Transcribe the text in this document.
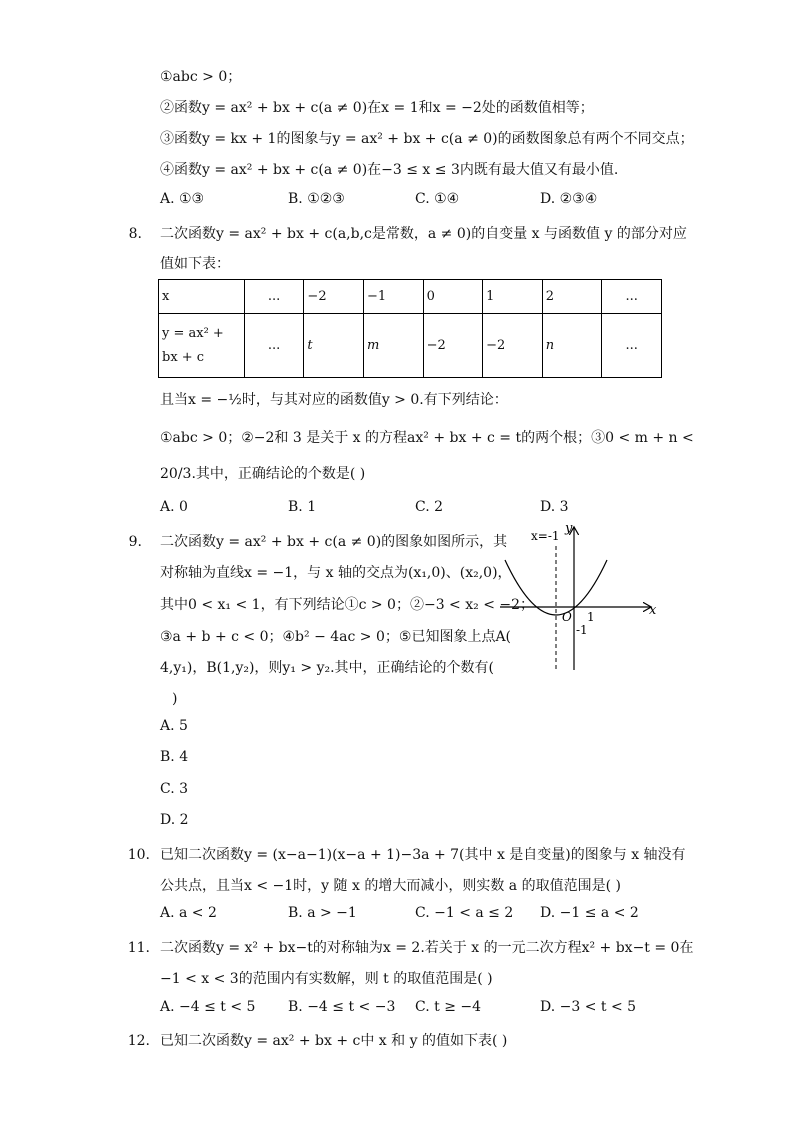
①abc > 0；
②函数y = ax² + bx + c(a ≠ 0)在x = 1和x = −2处的函数值相等；
③函数y = kx + 1的图象与y = ax² + bx + c(a ≠ 0)的函数图象总有两个不同交点；
④函数y = ax² + bx + c(a ≠ 0)在−3 ≤ x ≤ 3内既有最大值又有最小值.
A. ①③	B. ①②③	C. ①④	D. ②③④
8. 二次函数y = ax² + bx + c(a,b,c是常数，a ≠ 0)的自变量 x 与函数值 y 的部分对应
值如下表：
x	...	−2	−1	0	1	2	...
y = ax² + bx + c	...	t	m	−2	−2	n	...
且当x = −½时，与其对应的函数值y > 0.有下列结论：
①abc > 0；②−2和 3 是关于 x 的方程ax² + bx + c = t的两个根；③0 < m + n <
20/3.其中，正确结论的个数是( )
A. 0	B. 1	C. 2	D. 3
9. 二次函数y = ax² + bx + c(a ≠ 0)的图象如图所示，其
对称轴为直线x = −1，与 x 轴的交点为(x₁,0)、(x₂,0)，
其中0 < x₁ < 1，有下列结论①c > 0；②−3 < x₂ < −2；
③a + b + c < 0；④b² − 4ac > 0；⑤已知图象上点A(
4,y₁)，B(1,y₂)，则y₁ > y₂.其中，正确结论的个数有(
)
A. 5
B. 4
C. 3
D. 2
x=-1 y
x
O 1
-1
10. 已知二次函数y = (x−a−1)(x−a + 1)−3a + 7(其中 x 是自变量)的图象与 x 轴没有
公共点，且当x < −1时，y 随 x 的增大而减小，则实数 a 的取值范围是( )
A. a < 2	B. a > −1	C. −1 < a ≤ 2 D. −1 ≤ a < 2
11. 二次函数y = x² + bx−t的对称轴为x = 2.若关于 x 的一元二次方程x² + bx−t = 0在
−1 < x < 3的范围内有实数解，则 t 的取值范围是( )
A. −4 ≤ t < 5 B. −4 ≤ t < −3 C. t ≥ −4	D. −3 < t < 5
12. 已知二次函数y = ax² + bx + c中 x 和 y 的值如下表( )
